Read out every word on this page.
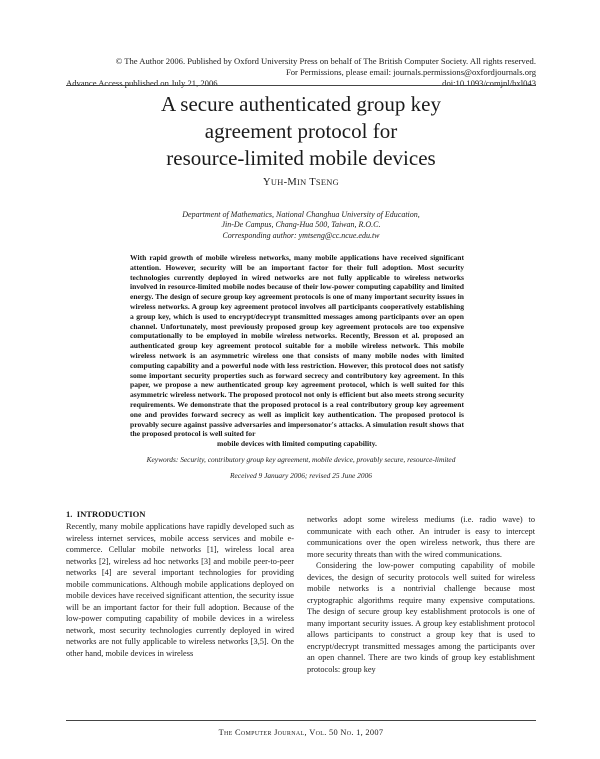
© The Author 2006. Published by Oxford University Press on behalf of The British Computer Society. All rights reserved.
For Permissions, please email: journals.permissions@oxfordjournals.org
Advance Access published on July 21, 2006	doi:10.1093/comjnl/bxl043
A secure authenticated group key
agreement protocol for
resource-limited mobile devices
YUH-MIN TSENG
Department of Mathematics, National Changhua University of Education,
Jin-De Campus, Chang-Hua 500, Taiwan, R.O.C.
Corresponding author: ymtseng@cc.ncue.edu.tw
With rapid growth of mobile wireless networks, many mobile applications have received significant attention. However, security will be an important factor for their full adoption. Most security technologies currently deployed in wired networks are not fully applicable to wireless networks involved in resource-limited mobile nodes because of their low-power computing capability and limited energy. The design of secure group key agreement protocols is one of many important security issues in wireless networks. A group key agreement protocol involves all participants cooperatively establishing a group key, which is used to encrypt/decrypt transmitted messages among participants over an open channel. Unfortunately, most previously proposed group key agreement protocols are too expensive computationally to be employed in mobile wireless networks. Recently, Bresson et al. proposed an authenticated group key agreement protocol suitable for a mobile wireless network. This mobile wireless network is an asymmetric wireless one that consists of many mobile nodes with limited computing capability and a powerful node with less restriction. However, this protocol does not satisfy some important security properties such as forward secrecy and contributory key agreement. In this paper, we propose a new authenticated group key agreement protocol, which is well suited for this asymmetric wireless network. The proposed protocol not only is efficient but also meets strong security requirements. We demonstrate that the proposed protocol is a real contributory group key agreement one and provides forward secrecy as well as implicit key authentication. The proposed protocol is provably secure against passive adversaries and impersonator's attacks. A simulation result shows that the proposed protocol is well suited for
mobile devices with limited computing capability.
Keywords: Security, contributory group key agreement, mobile device, provably secure, resource-limited
Received 9 January 2006; revised 25 June 2006
1. INTRODUCTION

Recently, many mobile applications have rapidly developed such as wireless internet services, mobile access services and mobile e-commerce. Cellular mobile networks [1], wireless local area networks [2], wireless ad hoc networks [3] and mobile peer-to-peer networks [4] are several important technologies for providing mobile communications. Although mobile applications deployed on mobile devices have received significant attention, the security issue will be an important factor for their full adoption. Because of the low-power computing capability of mobile devices in a wireless network, most security technologies currently deployed in wired networks are not fully applicable to wireless networks [3,5]. On the other hand, mobile devices in wireless

networks adopt some wireless mediums (i.e. radio wave) to communicate with each other. An intruder is easy to intercept communications over the open wireless network, thus there are more security threats than with the wired communications.

Considering the low-power computing capability of mobile devices, the design of security protocols well suited for wireless mobile networks is a nontrivial challenge because most cryptographic algorithms require many expensive computations. The design of secure group key establishment protocols is one of many important security issues. A group key establishment protocol allows participants to construct a group key that is used to encrypt/decrypt transmitted messages among the participants over an open channel. There are two kinds of group key establishment protocols: group key

The Computer Journal, Vol. 50 No. 1, 2007
